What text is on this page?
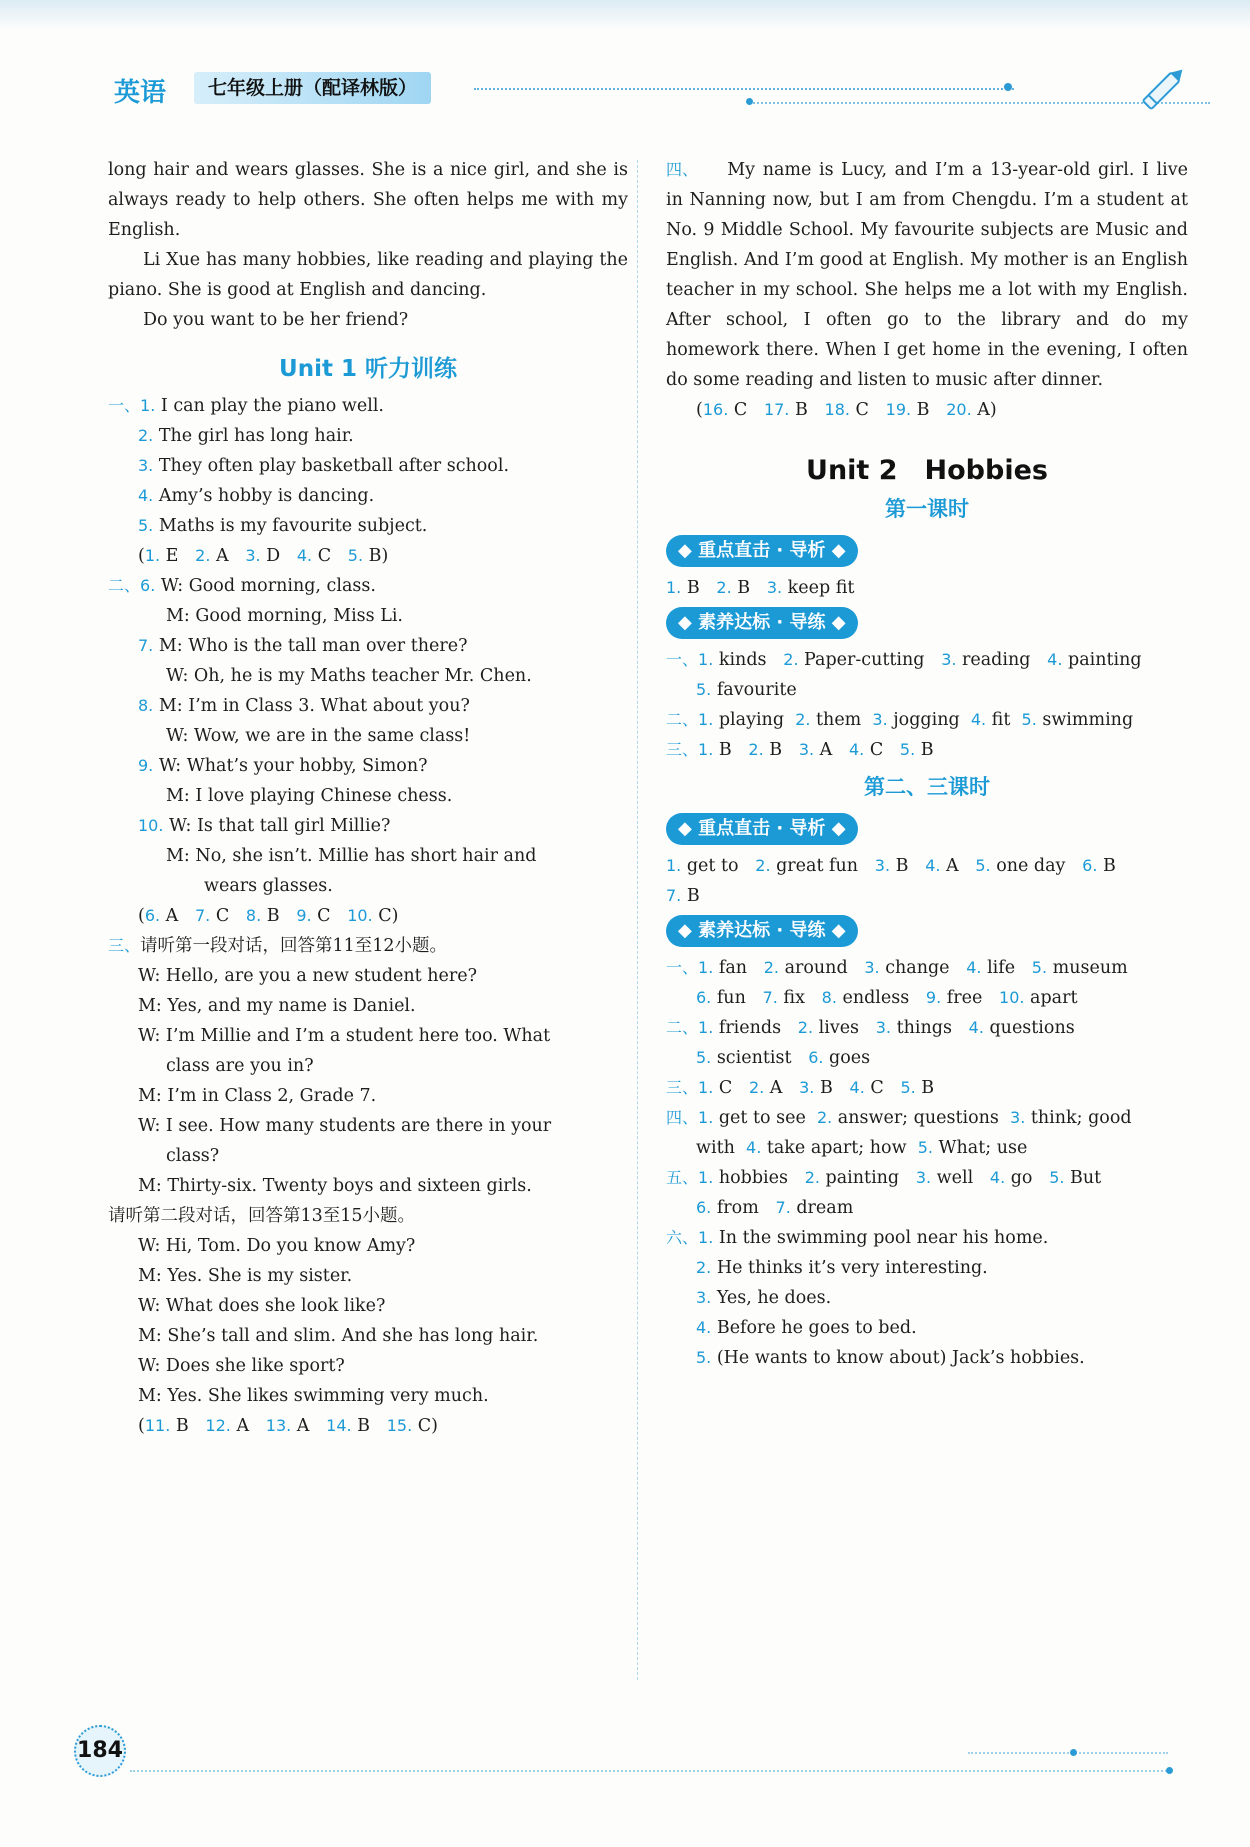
英语	七年级上册（配译林版）

long hair and wears glasses. She is a nice girl, and she is always ready to help others. She often helps me with my English.

Li Xue has many hobbies, like reading and playing the piano. She is good at English and dancing.

Do you want to be her friend?

Unit 1 听力训练
一、1. I can play the piano well.
2. The girl has long hair.
3. They often play basketball after school.
4. Amy’s hobby is dancing.
5. Maths is my favourite subject.
(1. E 2. A 3. D 4. C 5. B)
二、6. W: Good morning, class.
M: Good morning, Miss Li.
7. M: Who is the tall man over there?
W: Oh, he is my Maths teacher Mr. Chen.
8. M: I’m in Class 3. What about you?
W: Wow, we are in the same class!
9. W: What’s your hobby, Simon?
M: I love playing Chinese chess.
10. W: Is that tall girl Millie?
M: No, she isn’t. Millie has short hair and
wears glasses.
(6. A 7. C 8. B 9. C 10. C)
三、请听第一段对话，回答第11至12小题。
W: Hello, are you a new student here?
M: Yes, and my name is Daniel.
W: I’m Millie and I’m a student here too. What
class are you in?
M: I’m in Class 2, Grade 7.
W: I see. How many students are there in your
class?
M: Thirty-six. Twenty boys and sixteen girls.
请听第二段对话，回答第13至15小题。
W: Hi, Tom. Do you know Amy?
M: Yes. She is my sister.
W: What does she look like?
M: She’s tall and slim. And she has long hair.
W: Does she like sport?
M: Yes. She likes swimming very much.
(11. B 12. A 13. A 14. B 15. C)
四、	My name is Lucy, and I’m a 13-year-old girl. I live in Nanning now, but I am from Chengdu. I’m a student at No. 9 Middle School. My favourite subjects are Music and English. And I’m good at English. My mother is an English teacher in my school. She helps me a lot with my English. After school, I often go to the library and do my homework there. When I get home in the evening, I often do some reading and listen to music after dinner.

(16. C 17. B 18. C 19. B 20. A)
Unit 2　Hobbies
第一课时
◆ 重点直击 · 导析 ◆
1. B 2. B 3. keep fit
◆ 素养达标 · 导练 ◆
一、1. kinds 2. Paper-cutting 3. reading 4. painting
5. favourite
二、1. playing 2. them 3. jogging 4. fit 5. swimming
三、1. B 2. B 3. A 4. C 5. B
第二、三课时
◆ 重点直击 · 导析 ◆
1. get to 2. great fun 3. B 4. A 5. one day 6. B
7. B
◆ 素养达标 · 导练 ◆
一、1. fan 2. around 3. change 4. life 5. museum
6. fun 7. fix 8. endless 9. free 10. apart
二、1. friends 2. lives 3. things 4. questions
5. scientist 6. goes
三、1. C 2. A 3. B 4. C 5. B
四、1. get to see 2. answer; questions 3. think; good
with  4. take apart; how 5. What; use
五、1. hobbies 2. painting 3. well 4. go 5. But
6. from 7. dream
六、1. In the swimming pool near his home.
2. He thinks it’s very interesting.
3. Yes, he does.
4. Before he goes to bed.
5. (He wants to know about) Jack’s hobbies.
184
